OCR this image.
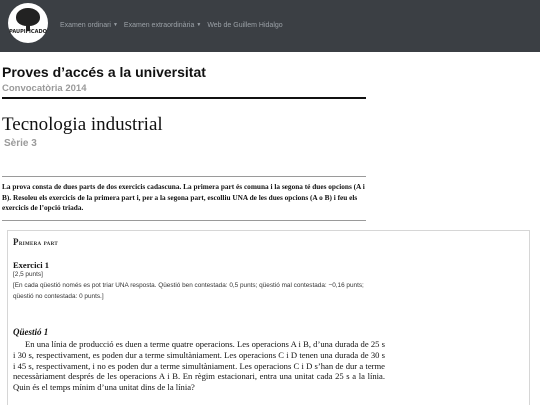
PAUPIFICADO
Examen ordinari ▼ Examen extraordinària ▼ Web de Guillem Hidalgo
Proves d’accés a la universitat
Convocatòria 2014
Tecnologia industrial
Sèrie 3
La prova consta de dues parts de dos exercicis cadascuna. La primera part és comuna i la segona té dues opcions (A i B). Resoleu els exercicis de la primera part i, per a la segona part, escolliu UNA de les dues opcions (A o B) i feu els exercicis de l’opció triada.
Primera part
Exercici 1
[2,5 punts]
[En cada qüestió només es pot triar UNA resposta. Qüestió ben contestada: 0,5 punts; qüestió mal contestada: −0,16 punts; qüestió no contestada: 0 punts.]
Qüestió 1
En una línia de producció es duen a terme quatre operacions. Les operacions A i B, d’una durada de 25 s i 30 s, respectivament, es poden dur a terme simultàniament. Les operacions C i D tenen una durada de 30 s i 45 s, respectivament, i no es poden dur a terme simultàniament. Les operacions C i D s’han de dur a terme necessàriament després de les operacions A i B. En règim estacionari, entra una unitat cada 25 s a la línia. Quin és el temps mínim d’una unitat dins de la línia?
